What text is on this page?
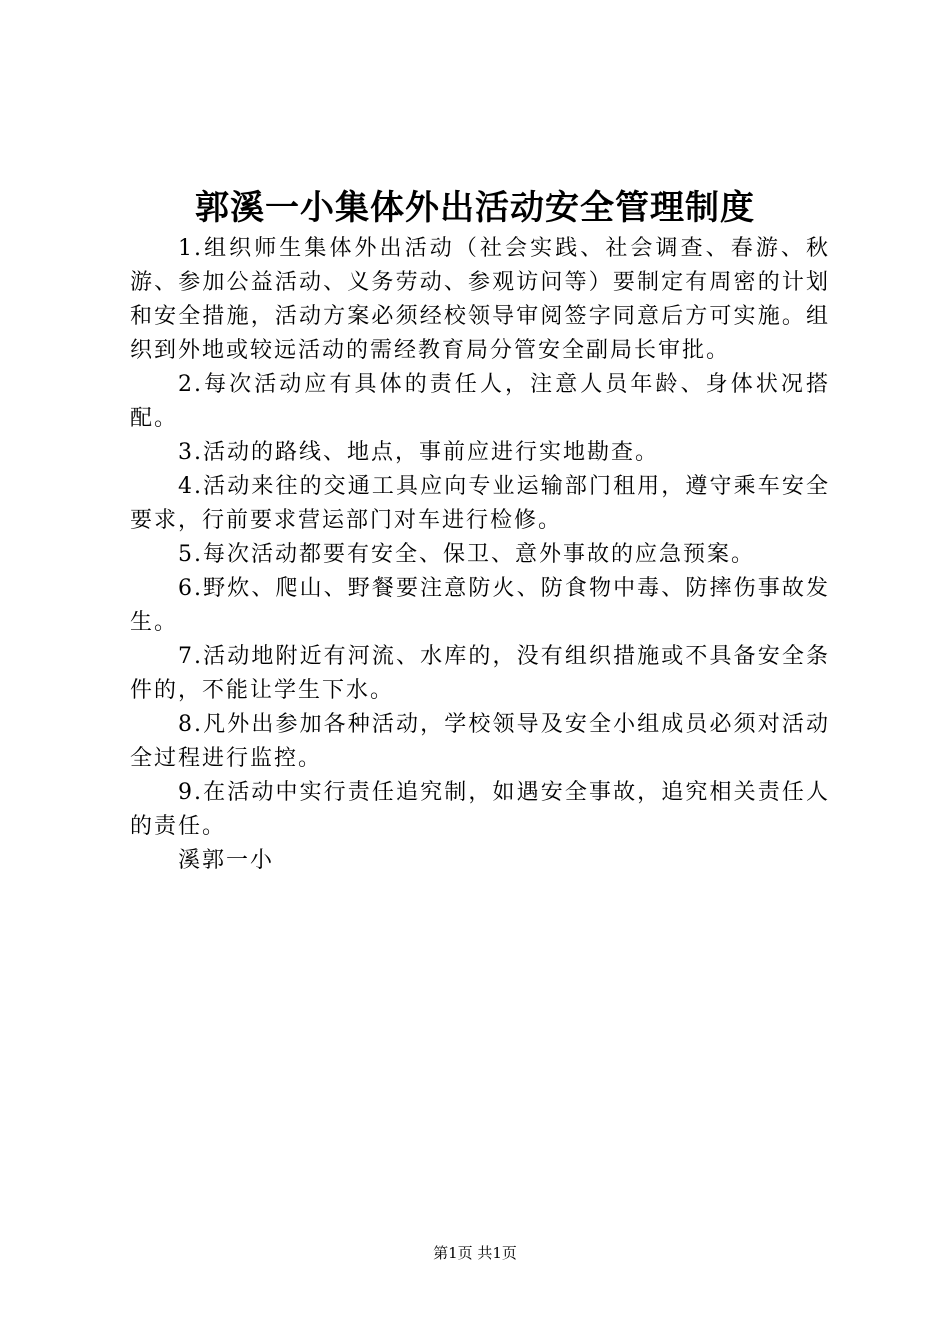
郭溪一小集体外出活动安全管理制度

1.组织师生集体外出活动（社会实践、社会调查、春游、秋游、参加公益活动、义务劳动、参观访问等）要制定有周密的计划和安全措施，活动方案必须经校领导审阅签字同意后方可实施。组织到外地或较远活动的需经教育局分管安全副局长审批。

2.每次活动应有具体的责任人，注意人员年龄、身体状况搭配。

3.活动的路线、地点，事前应进行实地勘查。

4.活动来往的交通工具应向专业运输部门租用，遵守乘车安全要求，行前要求营运部门对车进行检修。

5.每次活动都要有安全、保卫、意外事故的应急预案。

6.野炊、爬山、野餐要注意防火、防食物中毒、防摔伤事故发生。

7.活动地附近有河流、水库的，没有组织措施或不具备安全条件的，不能让学生下水。

8.凡外出参加各种活动，学校领导及安全小组成员必须对活动全过程进行监控。

9.在活动中实行责任追究制，如遇安全事故，追究相关责任人的责任。

溪郭一小

第1页 共1页
